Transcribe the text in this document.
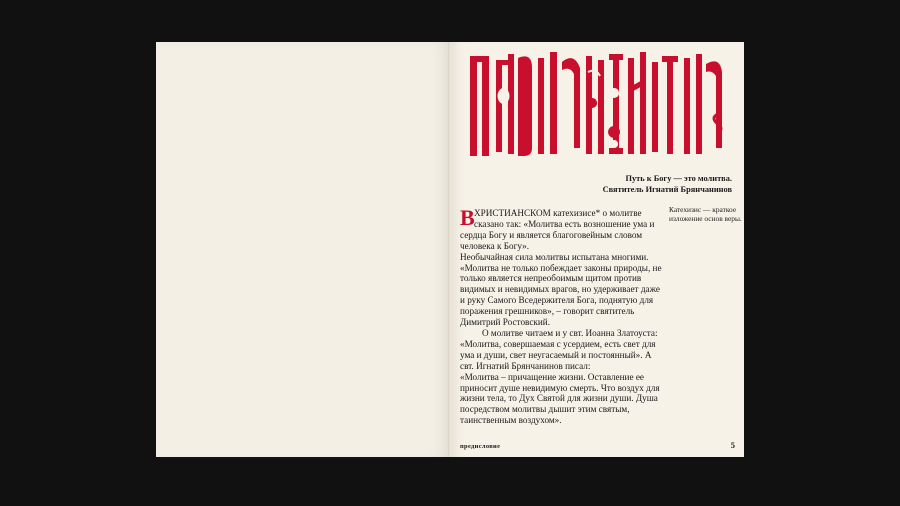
Путь к Богу — это молитва.
Святитель Игнатий Брянчанинов
В ХРИСТИАНСКОМ катехизисе* о молитве сказано так: «Молитва есть возношение ума и сердца Богу и является благоговейным словом человека к Богу».

Необычайная сила молитвы испытана многими. «Молитва не только побеждает законы природы, не только является непреобоимым щитом против видимых и невидимых врагов, но удерживает даже и руку Самого Вседержителя Бога, поднятую для поражения грешников», – говорит святитель Димитрий Ростовский.

О молитве читаем и у свт. Иоанна Златоуста: «Молитва, совершаемая с усердием, есть свет для ума и души, свет неугасаемый и постоянный». А свт. Игнатий Брянчанинов писал:

«Молитва – причащение жизни. Оставление ее приносит душе невидимую смерть. Что воздух для жизни тела, то Дух Святой для жизни души. Душа посредством молитвы дышит этим святым, таинственным воздухом».

Катехизис — краткое изложение основ веры.
предисловие	5
